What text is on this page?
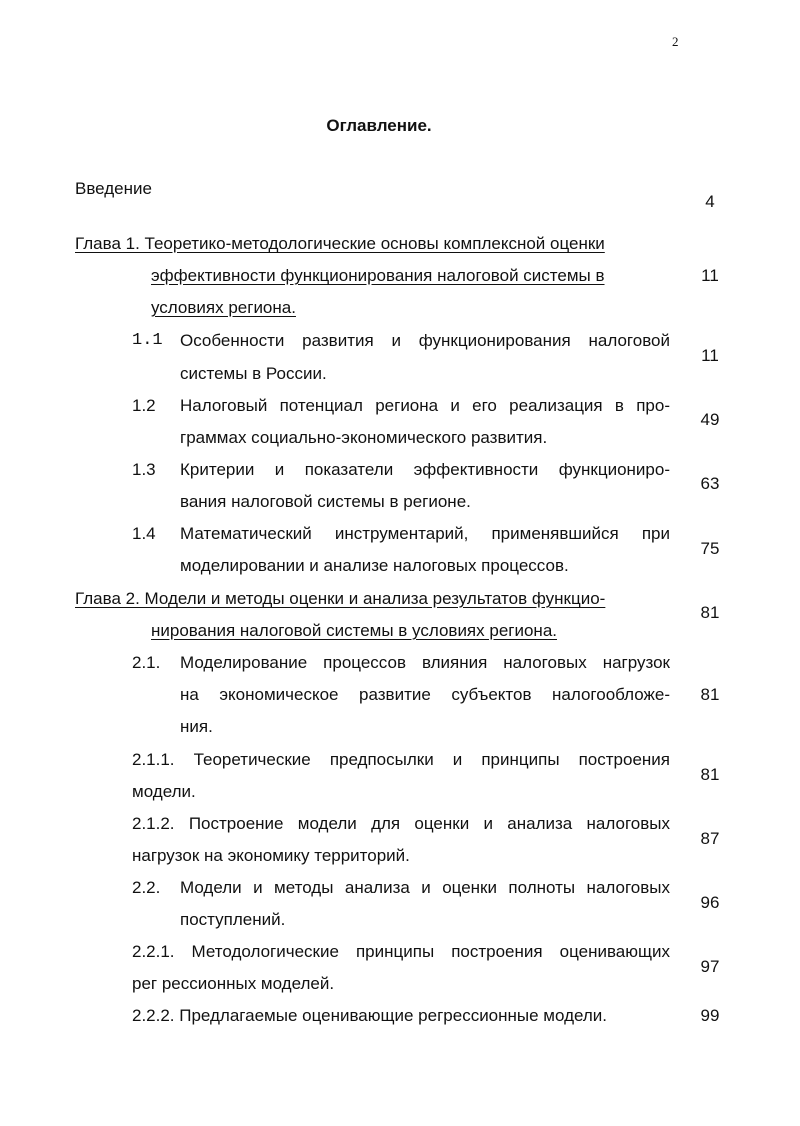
2
Оглавление.
Введение
4
Глава 1. Теоретико-методологические основы комплексной оценки
эффективности функционирования налоговой системы в
условиях региона.
11
1.1 Особенности развития и функционирования налоговой
системы в России.
11
1.2 Налоговый потенциал региона и его реализация в про-
граммах социально-экономического развития.
49
1.3 Критерии и показатели эффективности функциониро-
вания налоговой системы в регионе.
63
1.4 Математический инструментарий, применявшийся при
моделировании и анализе налоговых процессов.
75
Глава 2. Модели и методы оценки и анализа результатов функцио-
нирования налоговой системы в условиях региона.
81
2.1. Моделирование процессов влияния налоговых нагрузок
на экономическое развитие субъектов налогообложе-
ния.
81
2.1.1. Теоретические предпосылки и принципы построения
модели.
81
2.1.2. Построение модели для оценки и анализа налоговых
нагрузок на экономику территорий.
87
2.2. Модели и методы анализа и оценки полноты налоговых
поступлений.
96
2.2.1. Методологические принципы построения оценивающих
рег рессионных моделей.
97
2.2.2. Предлагаемые оценивающие регрессионные модели.	99
